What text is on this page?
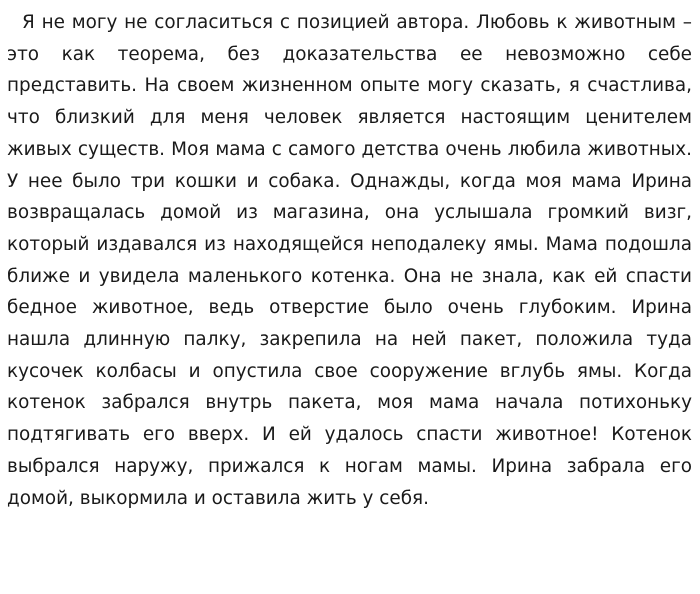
Я не могу не согласиться с позицией автора. Любовь к животным – это как теорема, без доказательства ее невозможно себе представить. На своем жизненном опыте могу сказать, я счастлива, что близкий для меня человек является настоящим ценителем живых существ. Моя мама с самого детства очень любила животных. У нее было три кошки и собака. Однажды, когда моя мама Ирина возвращалась домой из магазина, она услышала громкий визг, который издавался из находящейся неподалеку ямы. Мама подошла ближе и увидела маленького котенка. Она не знала, как ей спасти бедное животное, ведь отверстие было очень глубоким. Ирина нашла длинную палку, закрепила на ней пакет, положила туда кусочек колбасы и опустила свое сооружение вглубь ямы. Когда котенок забрался внутрь пакета, моя мама начала потихоньку подтягивать его вверх. И ей удалось спасти животное! Котенок выбрался наружу, прижался к ногам мамы. Ирина забрала его домой, выкормила и оставила жить у себя.
